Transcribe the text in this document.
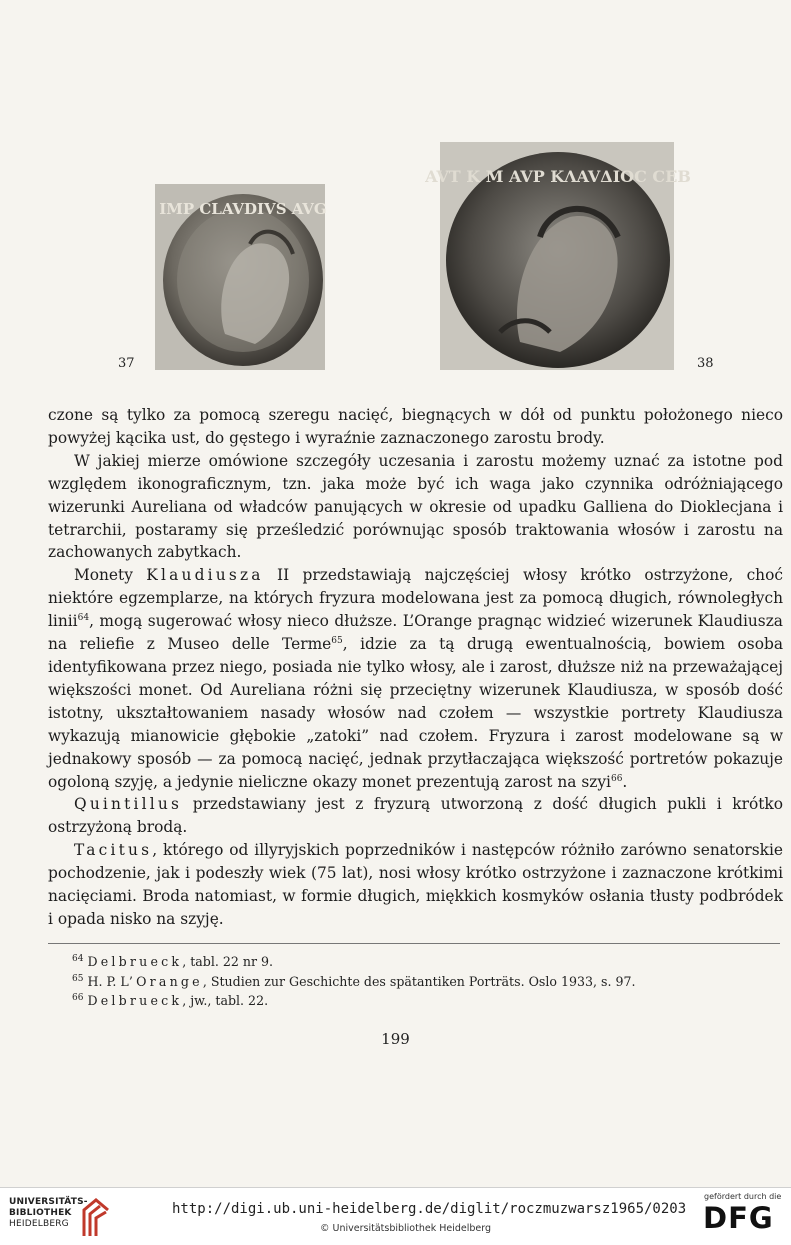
IMP CLAVDIVS AVG
37
AVT K M AVP KΛAVΔIOC CEB
38

czone są tylko za pomocą szeregu nacięć, biegnących w dół od punktu położonego nieco powyżej kącika ust, do gęstego i wyraźnie zaznaczonego zarostu brody.

W jakiej mierze omówione szczegóły uczesania i zarostu możemy uznać za istotne pod względem ikonograficznym, tzn. jaka może być ich waga jako czynnika odróżniającego wizerunki Aureliana od władców panujących w okresie od upadku Galliena do Dioklecjana i tetrarchii, postaramy się prześledzić porównując sposób traktowania włosów i zarostu na zachowanych zabytkach.

Monety Klaudiusza II przedstawiają najczęściej włosy krótko ostrzyżone, choć niektóre egzemplarze, na których fryzura modelowana jest za pomocą długich, równoległych linii$^{64}$, mogą sugerować włosy nieco dłuższe. L’Orange pragnąc widzieć wizerunek Klaudiusza na reliefie z Museo delle Terme$^{65}$, idzie za tą drugą ewentualnością, bowiem osoba identyfikowana przez niego, posiada nie tylko włosy, ale i zarost, dłuższe niż na przeważającej większości monet. Od Aureliana różni się przeciętny wizerunek Klaudiusza, w sposób dość istotny, ukształtowaniem nasady włosów nad czołem — wszystkie portrety Klaudiusza wykazują mianowicie głębokie „zatoki” nad czołem. Fryzura i zarost modelowane są w jednakowy sposób — za pomocą nacięć, jednak przytłaczająca większość portretów pokazuje ogoloną szyję, a jedynie nieliczne okazy monet prezentują zarost na szyi$^{66}$.

Quintillus przedstawiany jest z fryzurą utworzoną z dość długich pukli i krótko ostrzyżoną brodą.

Tacitus, którego od illyryjskich poprzedników i następców różniło zarówno senatorskie pochodzenie, jak i podeszły wiek (75 lat), nosi włosy krótko ostrzyżone i zaznaczone krótkimi nacięciami. Broda natomiast, w formie długich, miękkich kosmyków osłania tłusty podbródek i opada nisko na szyję.

$^{64}$ Delbrueck, tabl. 22 nr 9.
$^{65}$ H. P. L’Orange, Studien zur Geschichte des spätantiken Porträts. Oslo 1933, s. 97.
$^{66}$ Delbrueck, jw., tabl. 22.
199
UNIVERSITÄTS-
BIBLIOTHEK
HEIDELBERG
http://digi.ub.uni-heidelberg.de/diglit/roczmuzwarsz1965/0203
© Universitätsbibliothek Heidelberg
gefördert durch die
DFG
